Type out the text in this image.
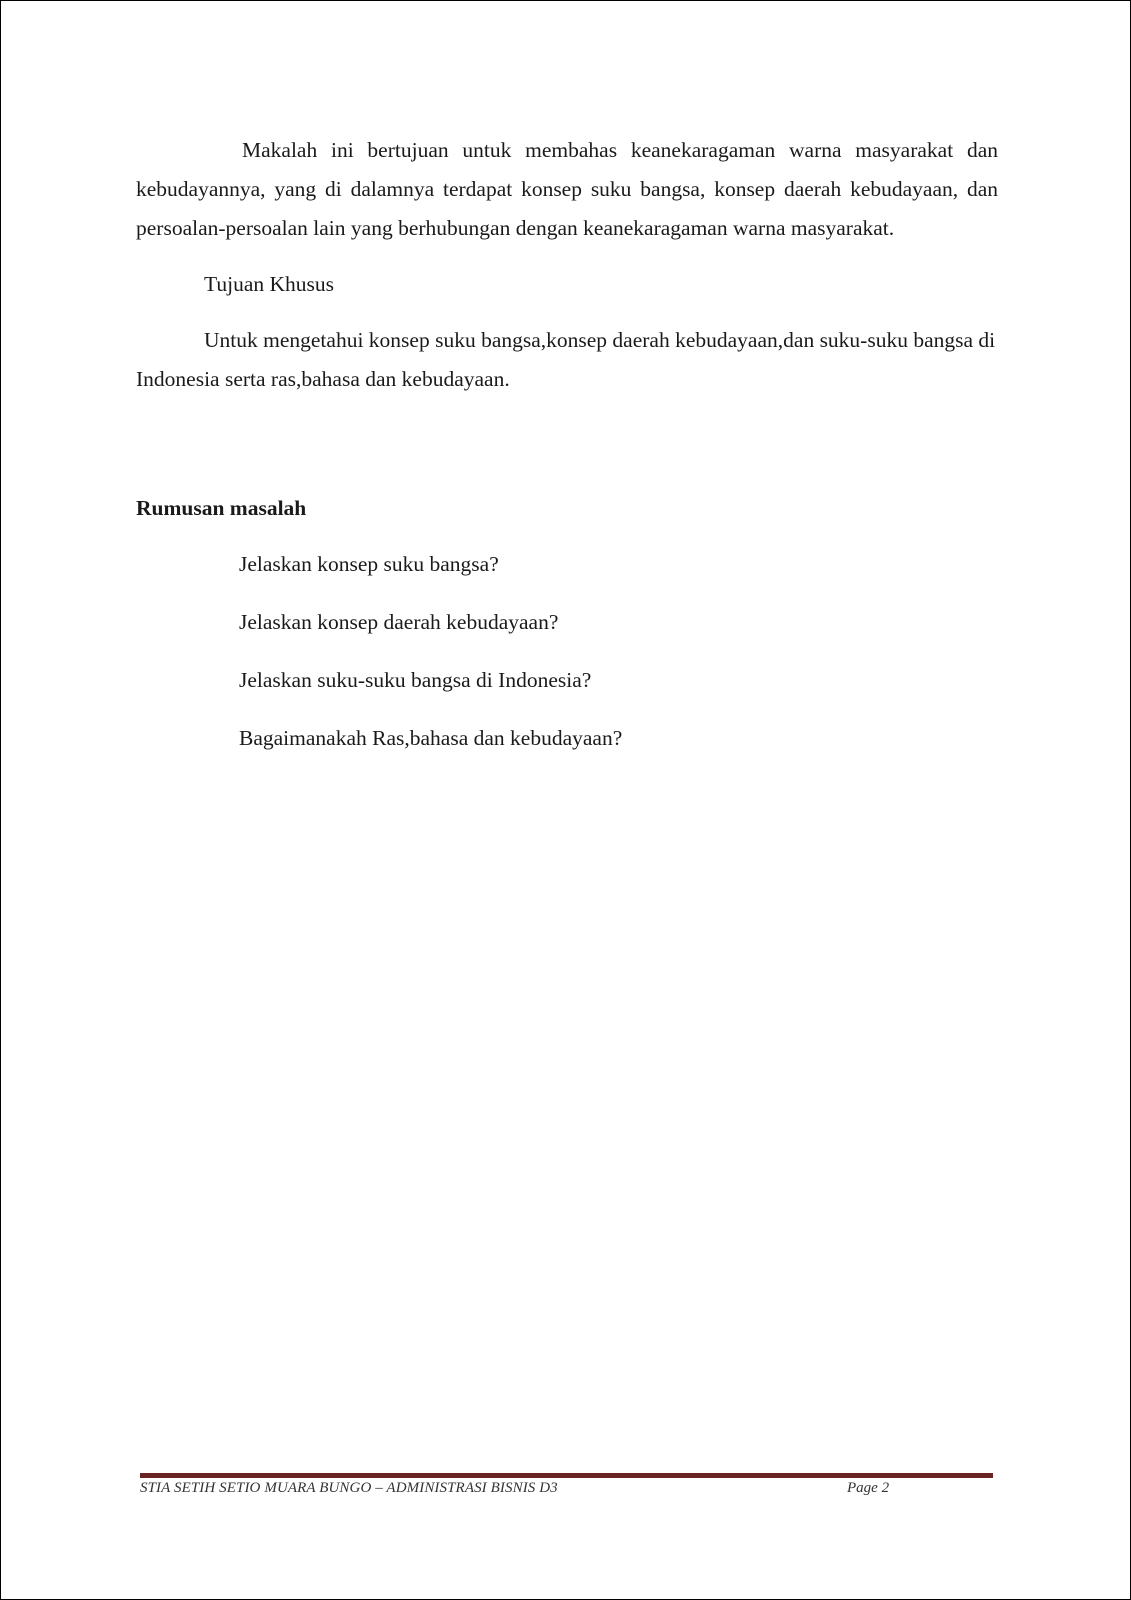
Makalah ini bertujuan untuk membahas keanekaragaman warna masyarakat dan kebudayannya, yang di dalamnya terdapat konsep suku bangsa, konsep daerah kebudayaan, dan persoalan-persoalan lain yang berhubungan dengan keanekaragaman warna masyarakat.

Tujuan Khusus

Untuk mengetahui konsep suku bangsa,konsep daerah kebudayaan,dan suku-suku bangsa di Indonesia serta ras,bahasa dan kebudayaan.

Rumusan masalah

Jelaskan konsep suku bangsa?
Jelaskan konsep daerah kebudayaan?
Jelaskan suku-suku bangsa di Indonesia?
Bagaimanakah Ras,bahasa dan kebudayaan?
STIA SETIH SETIO MUARA BUNGO – ADMINISTRASI BISNIS D3	Page 2
